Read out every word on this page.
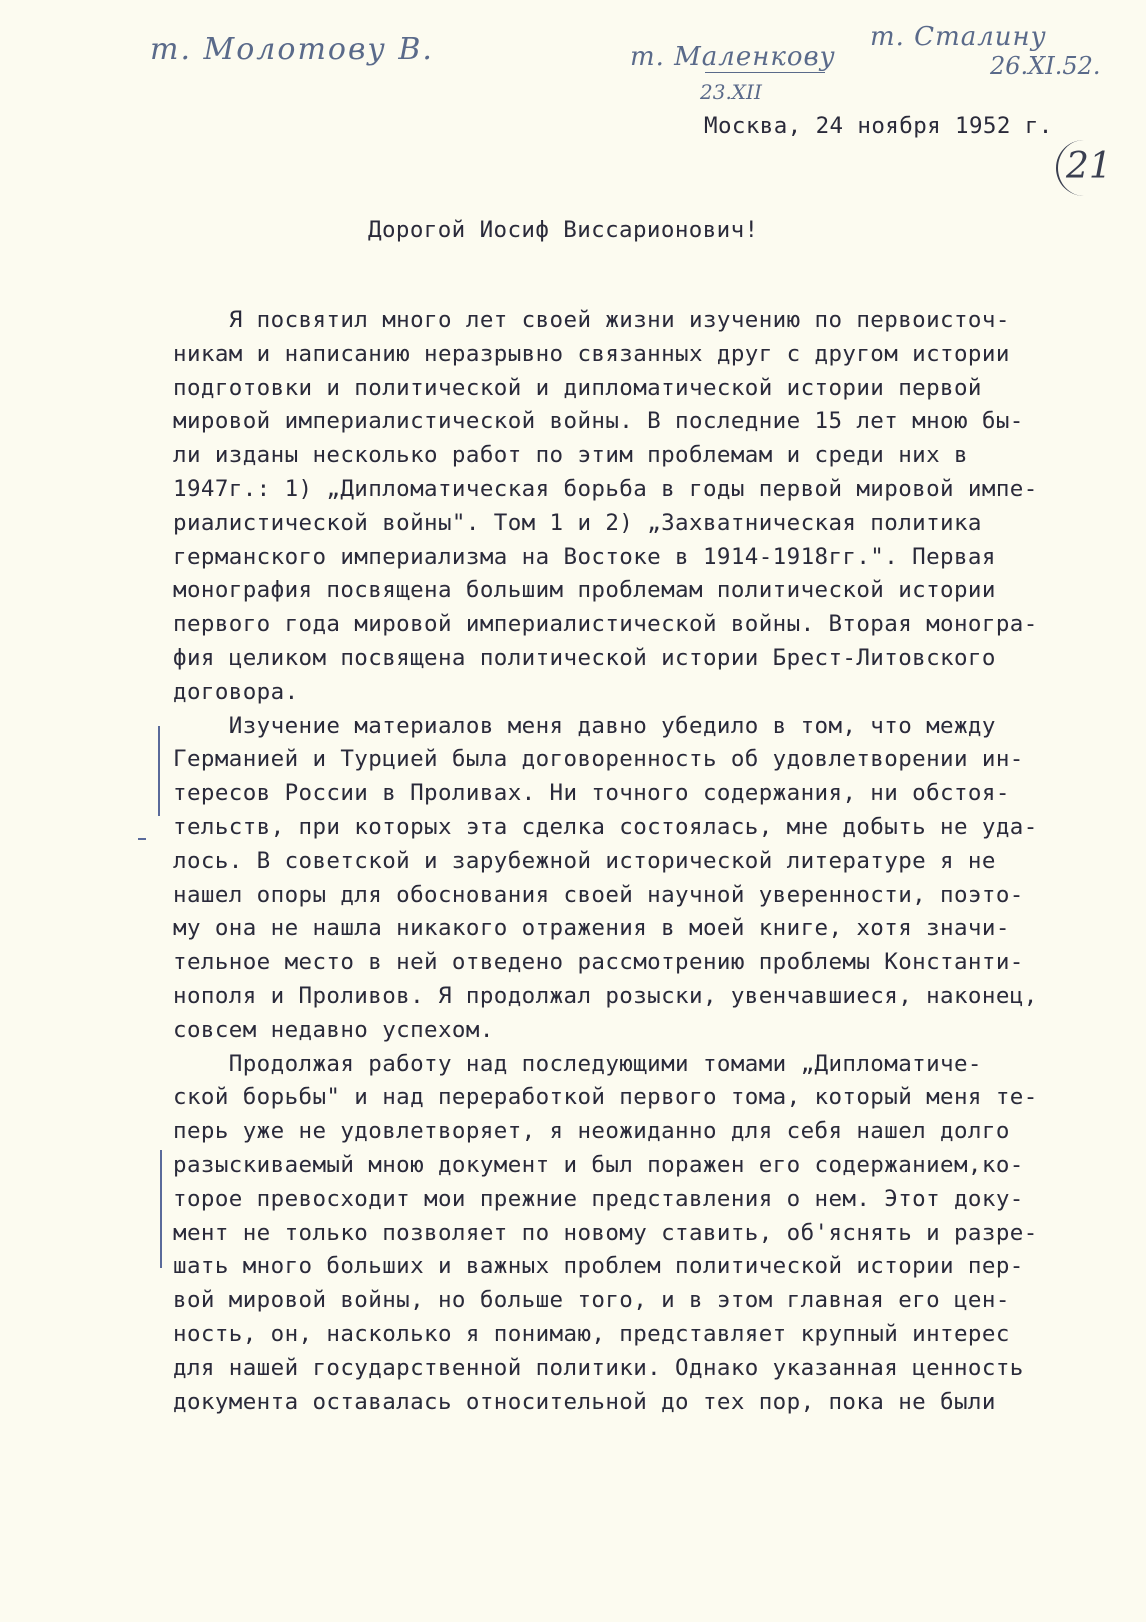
т. Молотову В.	т. Маленкову
23.XII
т. Сталину
26.XI.52.
21
Москва, 24 ноября 1952 г.
Дорогой Иосиф Виссарионович!
Я посвятил много лет своей жизни изучению по первоисточ-
никам и написанию неразрывно связанных друг с другом истории
подготовки и политической и дипломатической истории первой
мировой империалистической войны. В последние 15 лет мною бы-
ли изданы несколько работ по этим проблемам и среди них в
1947г.: 1) „Дипломатическая борьба в годы первой мировой импе-
риалистической войны". Том 1 и 2) „Захватническая политика
германского империализма на Востоке в 1914-1918гг.". Первая
монография посвящена большим проблемам политической истории
первого года мировой империалистической войны. Вторая моногра-
фия целиком посвящена политической истории Брест-Литовского
договора.
Изучение материалов меня давно убедило в том, что между
Германией и Турцией была договоренность об удовлетворении ин-
тересов России в Проливах. Ни точного содержания, ни обстоя-
тельств, при которых эта сделка состоялась, мне добыть не уда-
лось. В советской и зарубежной исторической литературе я не
нашел опоры для обоснования своей научной уверенности, поэто-
му она не нашла никакого отражения в моей книге, хотя значи-
тельное место в ней отведено рассмотрению проблемы Константи-
нополя и Проливов. Я продолжал розыски, увенчавшиеся, наконец,
совсем недавно успехом.
Продолжая работу над последующими томами „Дипломатиче-
ской борьбы" и над переработкой первого тома, который меня те-
перь уже не удовлетворяет, я неожиданно для себя нашел долго
разыскиваемый мною документ и был поражен его содержанием,ко-
торое превосходит мои прежние представления о нем. Этот доку-
мент не только позволяет по новому ставить, об'яснять и разре-
шать много больших и важных проблем политической истории пер-
вой мировой войны, но больше того, и в этом главная его цен-
ность, он, насколько я понимаю, представляет крупный интерес
для нашей государственной политики. Однако указанная ценность
документа оставалась относительной до тех пор, пока не были
